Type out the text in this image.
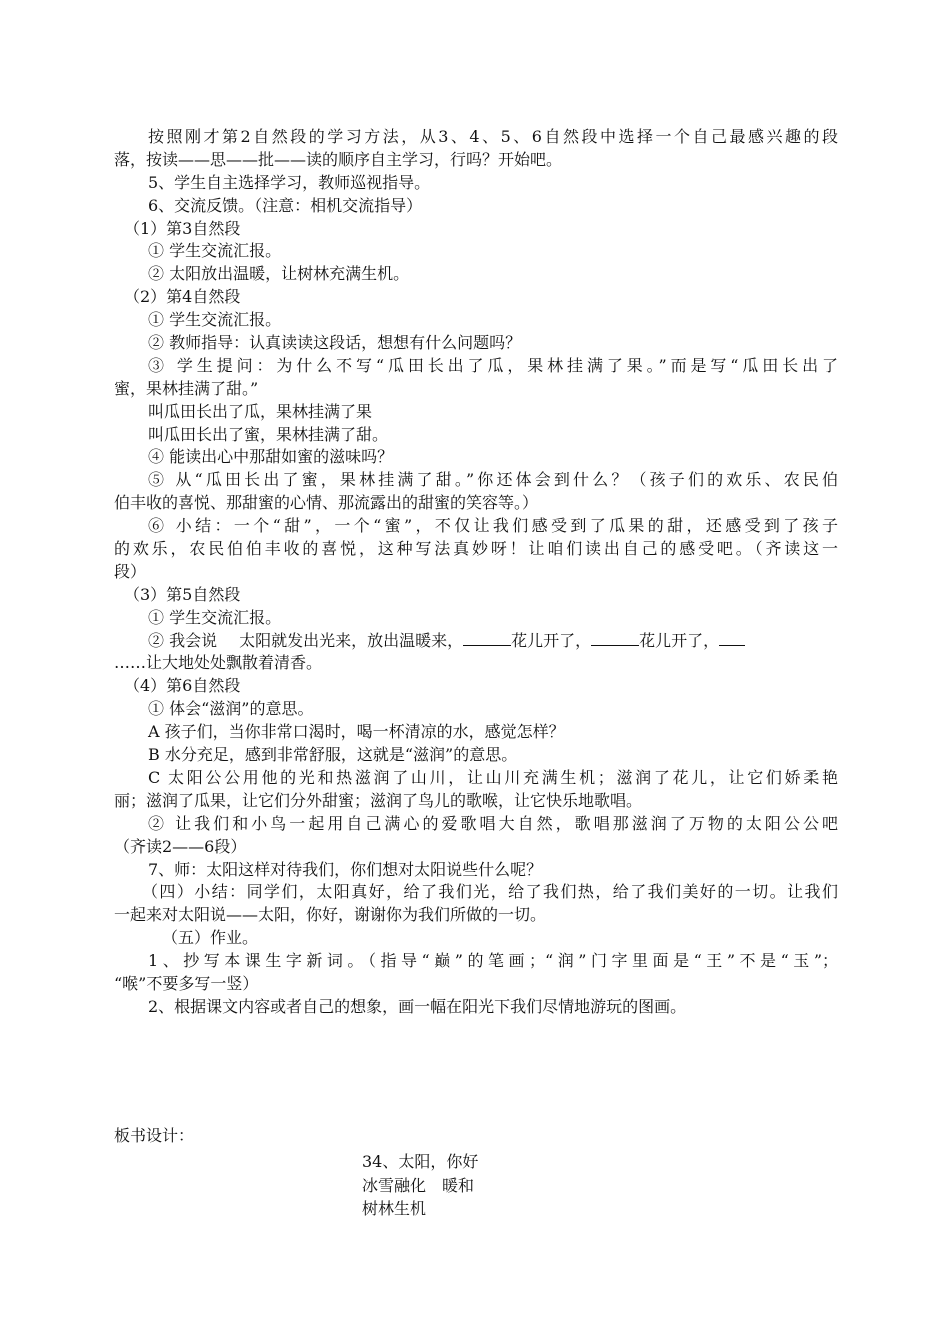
按照刚才第2自然段的学习方法，从3、4、5、6自然段中选择一个自己最感兴趣的段
落，按读——思——批——读的顺序自主学习，行吗？开始吧。
5、学生自主选择学习，教师巡视指导。
6、交流反馈。（注意：相机交流指导）
（1）第3自然段
① 学生交流汇报。
② 太阳放出温暖，让树林充满生机。
（2）第4自然段
① 学生交流汇报。
② 教师指导：认真读读这段话，想想有什么问题吗？
③ 学生提问：为什么不写“瓜田长出了瓜，果林挂满了果。”而是写“瓜田长出了
蜜，果林挂满了甜。”
叫瓜田长出了瓜，果林挂满了果
叫瓜田长出了蜜，果林挂满了甜。
④ 能读出心中那甜如蜜的滋味吗？
⑤ 从“瓜田长出了蜜，果林挂满了甜。”你还体会到什么？（孩子们的欢乐、农民伯
伯丰收的喜悦、那甜蜜的心情、那流露出的甜蜜的笑容等。）
⑥ 小结：一个“甜”，一个“蜜”，不仅让我们感受到了瓜果的甜，还感受到了孩子
的欢乐，农民伯伯丰收的喜悦，这种写法真妙呀！让咱们读出自己的感受吧。（齐读这一
段）
（3）第5自然段
① 学生交流汇报。
② 我会说 太阳就发出光来，放出温暖来，	花儿开了，	花儿开了，
……让大地处处飘散着清香。
（4）第6自然段
① 体会“滋润”的意思。
A 孩子们，当你非常口渴时，喝一杯清凉的水，感觉怎样？
B 水分充足，感到非常舒服，这就是“滋润”的意思。
C 太阳公公用他的光和热滋润了山川，让山川充满生机；滋润了花儿，让它们娇柔艳
丽；滋润了瓜果，让它们分外甜蜜；滋润了鸟儿的歌喉，让它快乐地歌唱。
② 让我们和小鸟一起用自己满心的爱歌唱大自然，歌唱那滋润了万物的太阳公公吧
（齐读2——6段）
7、师：太阳这样对待我们，你们想对太阳说些什么呢？
（四）小结：同学们，太阳真好，给了我们光，给了我们热，给了我们美好的一切。让我们
一起来对太阳说——太阳，你好，谢谢你为我们所做的一切。
（五）作业。
1、抄写本课生字新词。（指导“巅”的笔画；“润”门字里面是“王”不是“玉”；
“喉”不要多写一竖）
2、根据课文内容或者自己的想象，画一幅在阳光下我们尽情地游玩的图画。
板书设计：
34、太阳，你好
冰雪融化　暖和
树林生机
